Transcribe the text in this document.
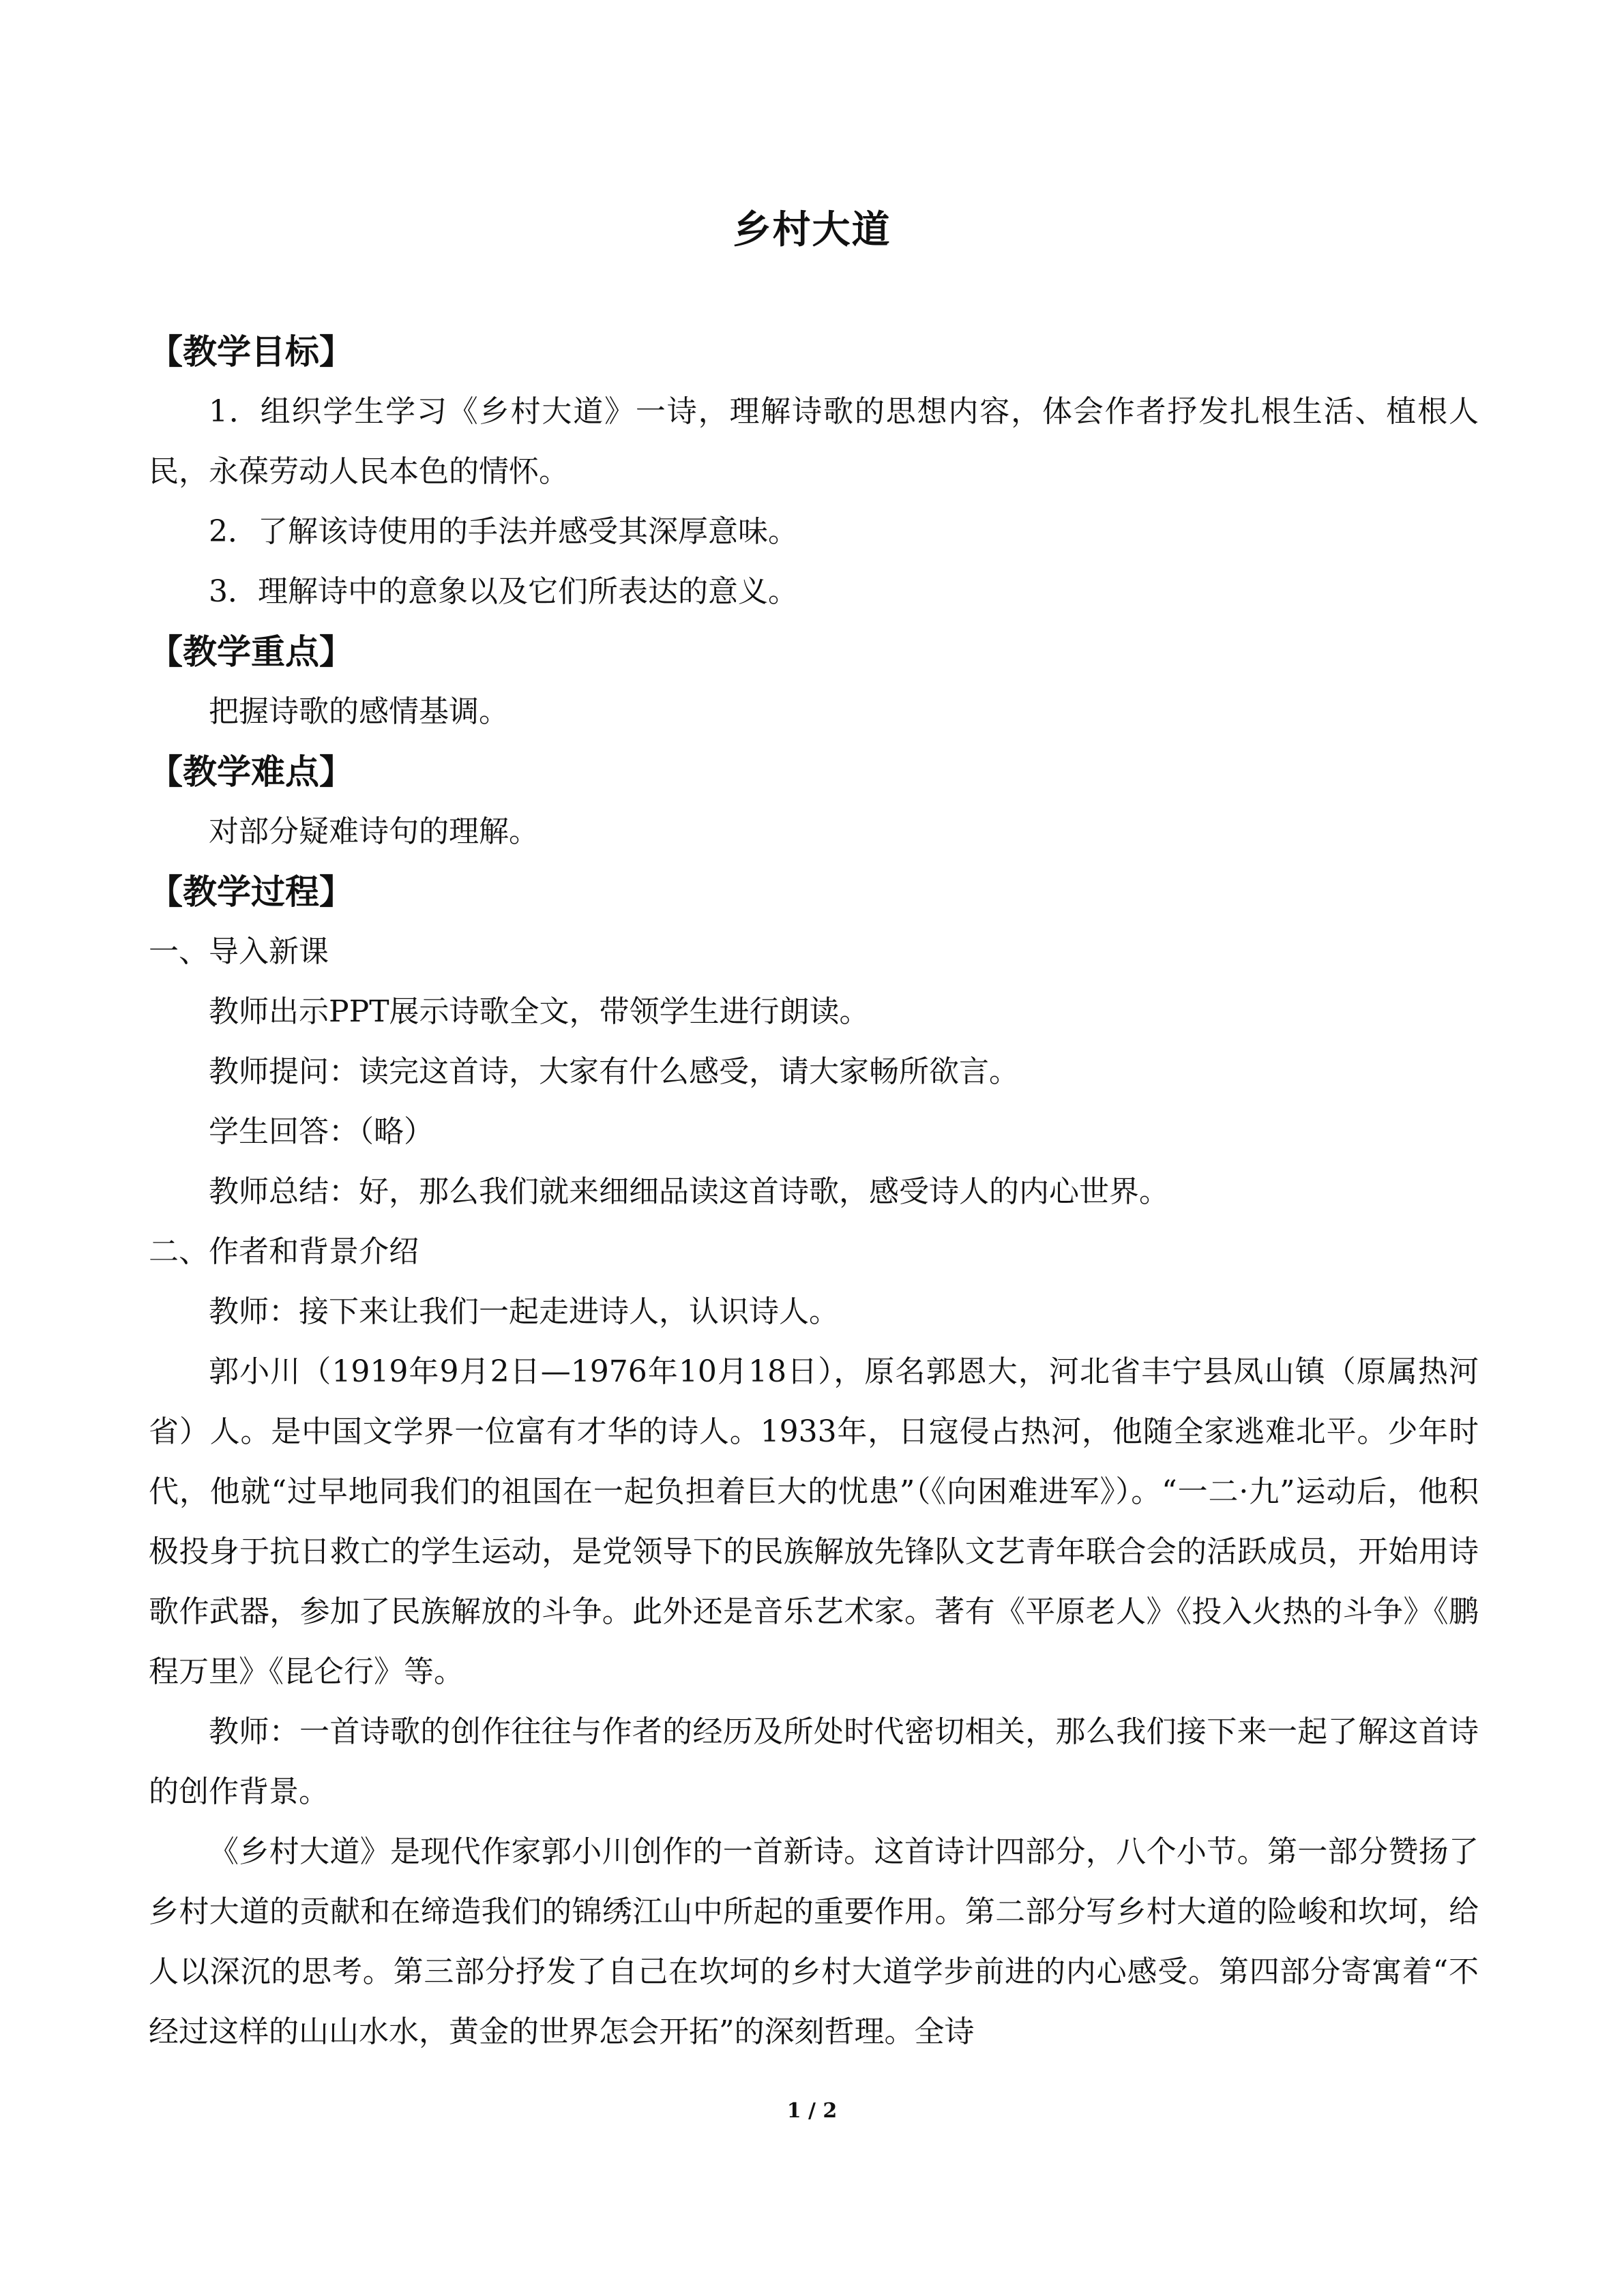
乡村大道
【教学目标】

1．组织学生学习《乡村大道》一诗，理解诗歌的思想内容，体会作者抒发扎根生活、植根人民，永葆劳动人民本色的情怀。

2．了解该诗使用的手法并感受其深厚意味。

3．理解诗中的意象以及它们所表达的意义。

【教学重点】

把握诗歌的感情基调。

【教学难点】

对部分疑难诗句的理解。

【教学过程】
一、导入新课

教师出示PPT展示诗歌全文，带领学生进行朗读。

教师提问：读完这首诗，大家有什么感受，请大家畅所欲言。

学生回答：（略）

教师总结：好，那么我们就来细细品读这首诗歌，感受诗人的内心世界。

二、作者和背景介绍

教师：接下来让我们一起走进诗人，认识诗人。

郭小川（1919年9月2日—1976年10月18日），原名郭恩大，河北省丰宁县凤山镇（原属热河省）人。是中国文学界一位富有才华的诗人。1933年，日寇侵占热河，他随全家逃难北平。少年时代，他就“过早地同我们的祖国在一起负担着巨大的忧患”（《向困难进军》）。“一二·九”运动后，他积极投身于抗日救亡的学生运动，是党领导下的民族解放先锋队文艺青年联合会的活跃成员，开始用诗歌作武器，参加了民族解放的斗争。此外还是音乐艺术家。著有《平原老人》《投入火热的斗争》《鹏程万里》《昆仑行》等。

教师：一首诗歌的创作往往与作者的经历及所处时代密切相关，那么我们接下来一起了解这首诗的创作背景。

《乡村大道》是现代作家郭小川创作的一首新诗。这首诗计四部分，八个小节。第一部分赞扬了乡村大道的贡献和在缔造我们的锦绣江山中所起的重要作用。第二部分写乡村大道的险峻和坎坷，给人以深沉的思考。第三部分抒发了自己在坎坷的乡村大道学步前进的内心感受。第四部分寄寓着“不经过这样的山山水水，黄金的世界怎会开拓”的深刻哲理。全诗

1 / 2
